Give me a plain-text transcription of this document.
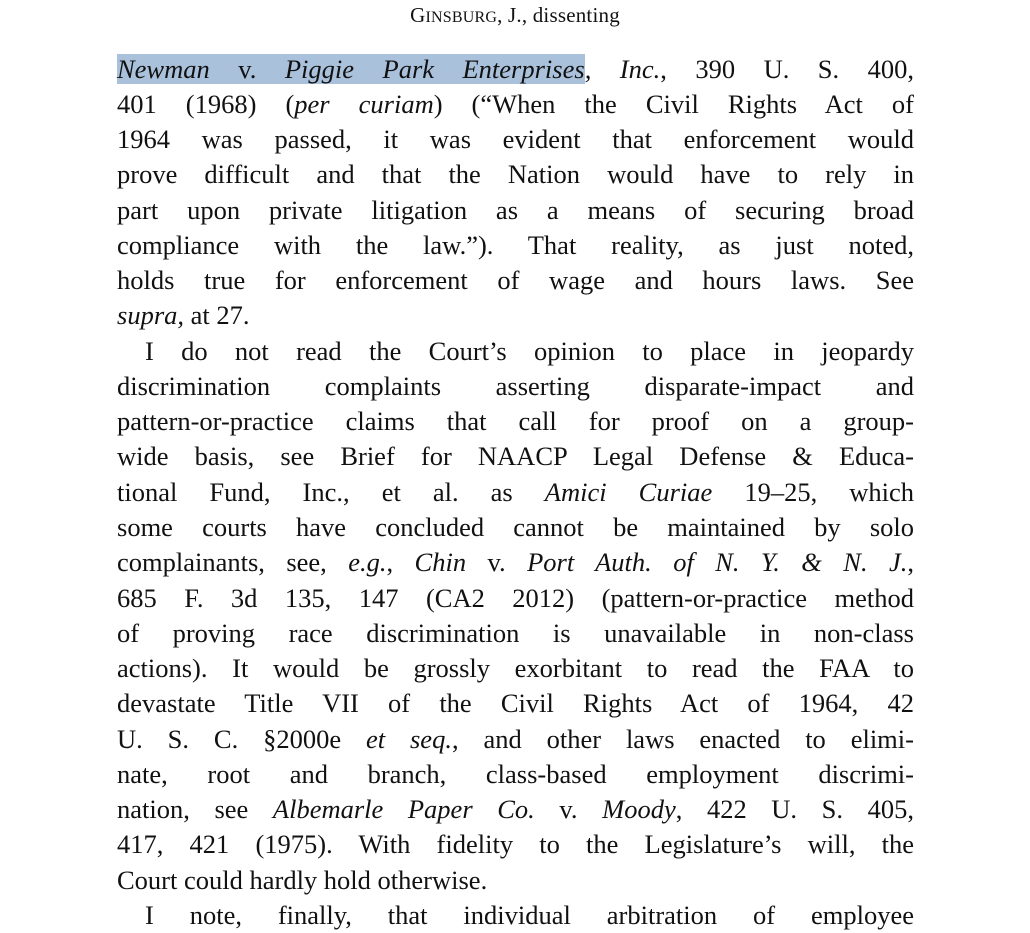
GINSBURG, J., dissenting
Newman v. Piggie Park Enterprises, Inc., 390 U. S. 400,
401 (1968) (per curiam) (“When the Civil Rights Act of
1964 was passed, it was evident that enforcement would
prove difficult and that the Nation would have to rely in
part upon private litigation as a means of securing broad
compliance with the law.”). That reality, as just noted,
holds true for enforcement of wage and hours laws. See
supra, at 27.
I do not read the Court’s opinion to place in jeopardy
discrimination complaints asserting disparate-impact and
pattern-or-practice claims that call for proof on a group-
wide basis, see Brief for NAACP Legal Defense & Educa-
tional Fund, Inc., et al. as Amici Curiae 19–25, which
some courts have concluded cannot be maintained by solo
complainants, see, e.g., Chin v. Port Auth. of N. Y. & N. J.,
685 F. 3d 135, 147 (CA2 2012) (pattern-or-practice method
of proving race discrimination is unavailable in non-class
actions). It would be grossly exorbitant to read the FAA to
devastate Title VII of the Civil Rights Act of 1964, 42
U. S. C. §2000e et seq., and other laws enacted to elimi-
nate, root and branch, class-based employment discrimi-
nation, see Albemarle Paper Co. v. Moody, 422 U. S. 405,
417, 421 (1975). With fidelity to the Legislature’s will, the
Court could hardly hold otherwise.
I note, finally, that individual arbitration of employee
